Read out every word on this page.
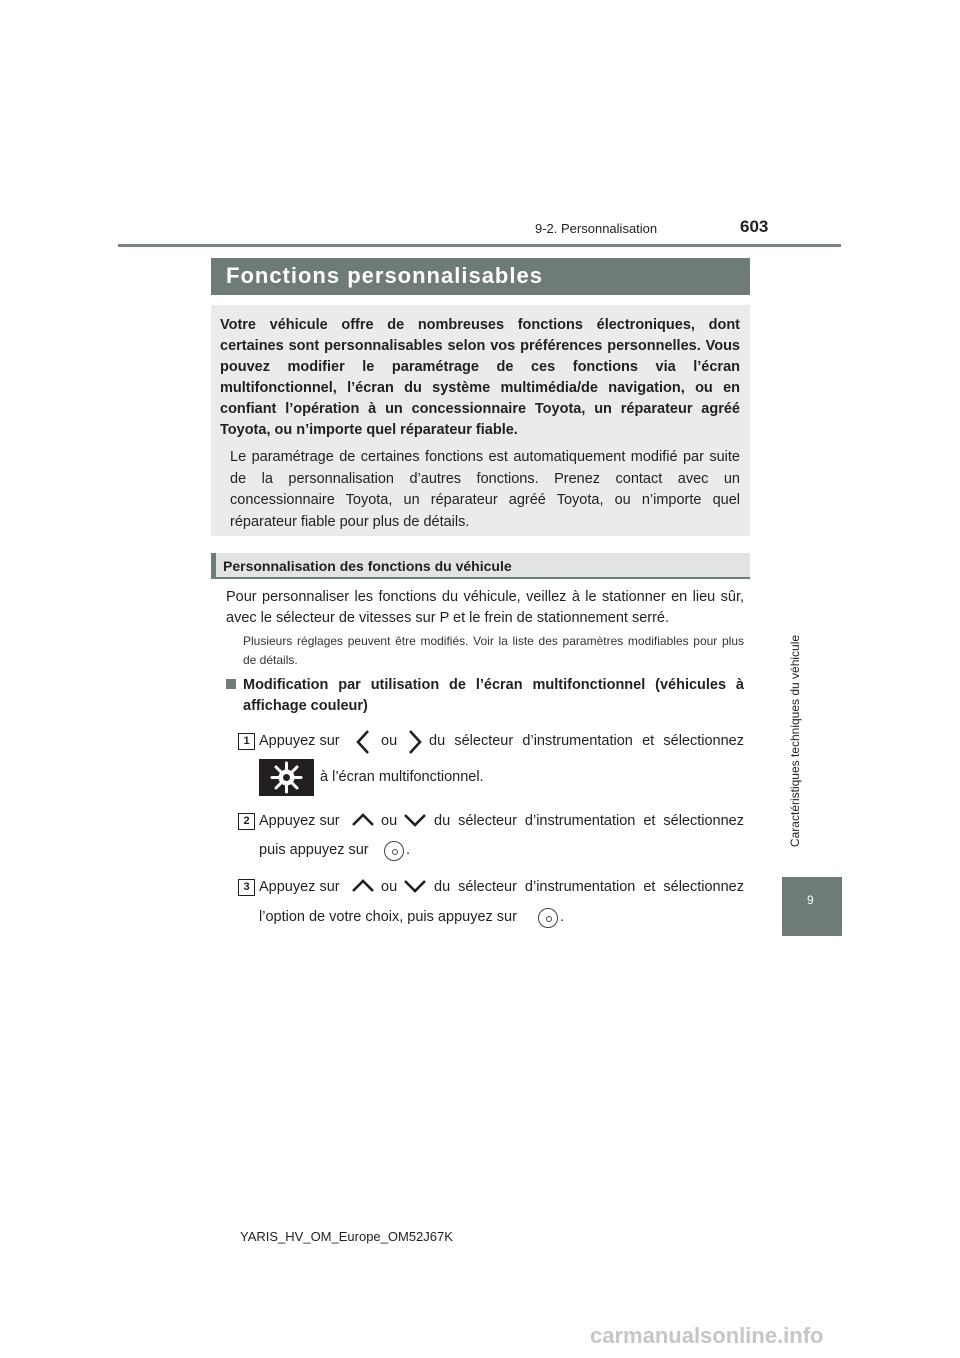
9-2. Personnalisation	603
Fonctions personnalisables
Votre véhicule offre de nombreuses fonctions électroniques, dont certaines sont personnalisables selon vos préférences personnelles. Vous pouvez modifier le paramétrage de ces fonctions via l’écran multifonctionnel, l’écran du système multimédia/de navigation, ou en confiant l’opération à un concessionnaire Toyota, un réparateur agréé Toyota, ou n’importe quel réparateur fiable.
Le paramétrage de certaines fonctions est automatiquement modifié par suite de la personnalisation d’autres fonctions. Prenez contact avec un concessionnaire Toyota, un réparateur agréé Toyota, ou n’importe quel réparateur fiable pour plus de détails.
Personnalisation des fonctions du véhicule
Pour personnaliser les fonctions du véhicule, veillez à le stationner en lieu sûr, avec le sélecteur de vitesses sur P et le frein de stationnement serré.
Plusieurs réglages peuvent être modifiés. Voir la liste des paramètres modifiables pour plus de détails.
Modification par utilisation de l’écran multifonctionnel (véhicules à affichage couleur)
1 Appuyez sur	ou du sélecteur d’instrumentation et sélectionnez
à l’écran multifonctionnel.
2 Appuyez sur	ou	du sélecteur d’instrumentation et sélectionnez
puis appuyez sur	.
3 Appuyez sur	ou	du sélecteur d’instrumentation et sélectionnez
l’option de votre choix, puis appuyez sur	.
Caractéristiques techniques du véhicule
9
YARIS_HV_OM_Europe_OM52J67K
carmanualsonline.info
